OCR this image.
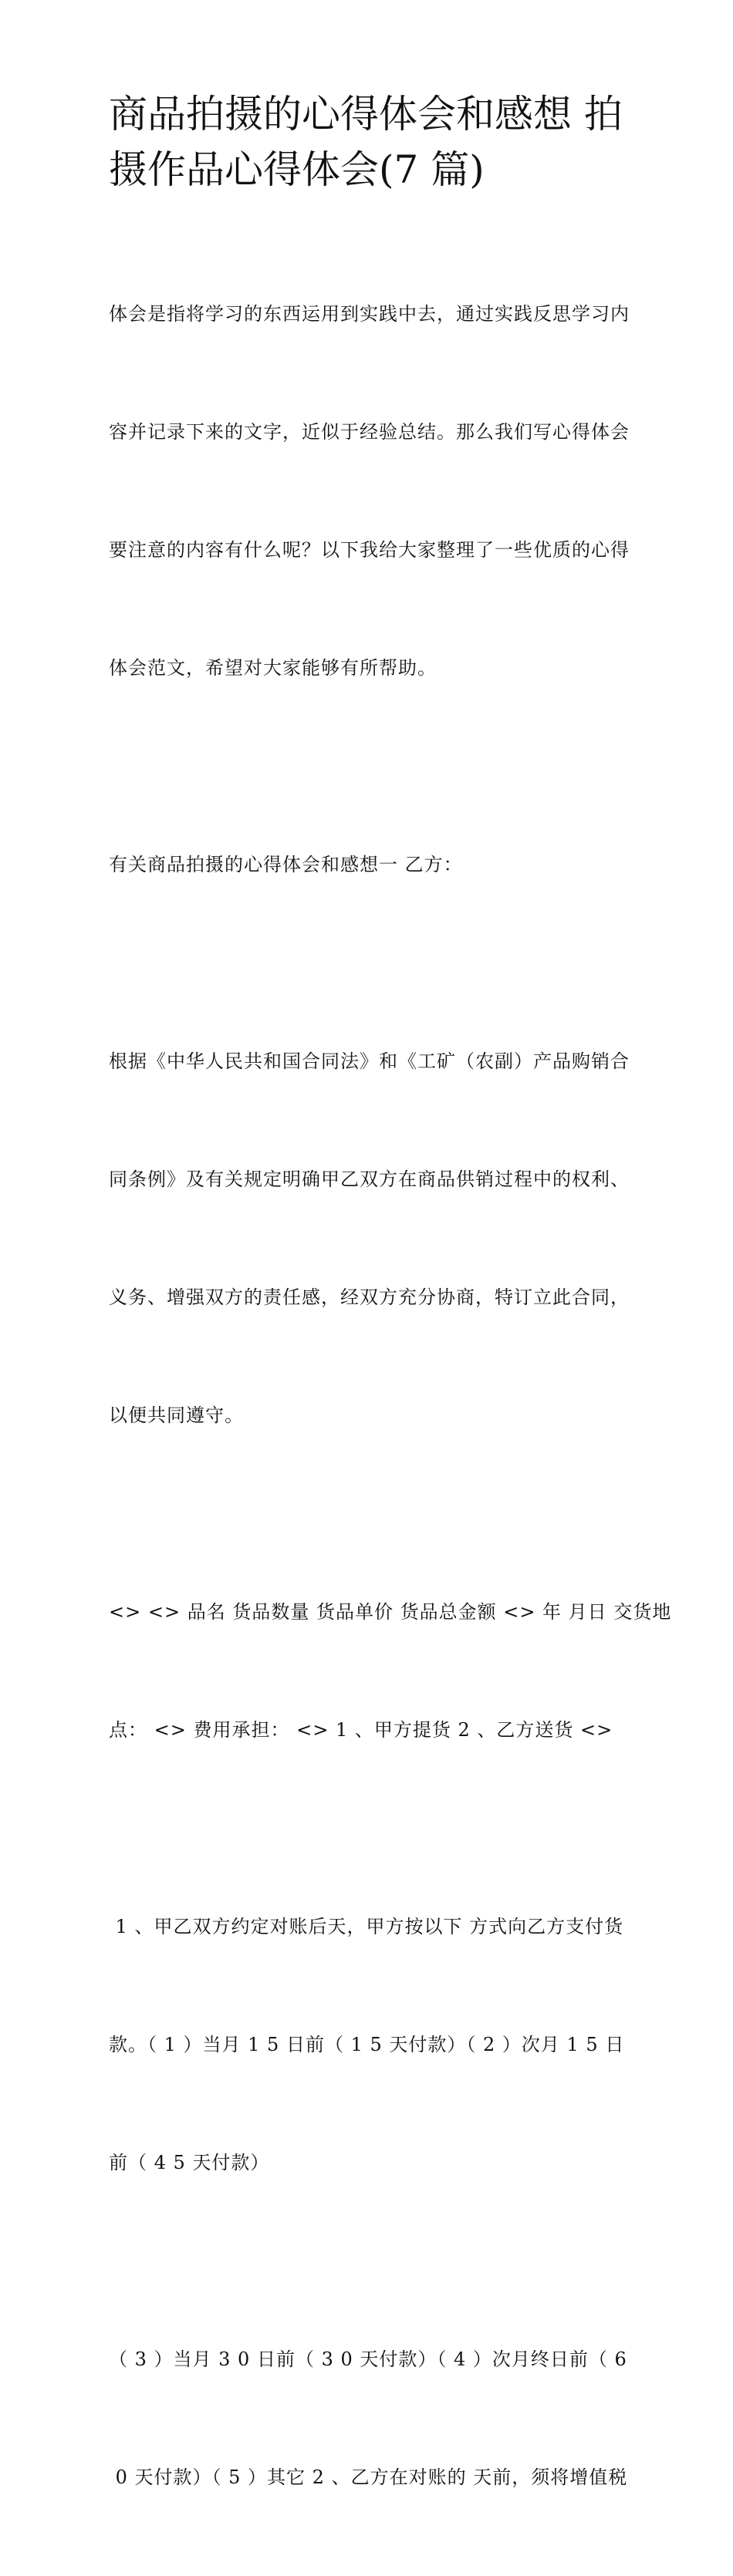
商品拍摄的心得体会和感想 拍
摄作品心得体会(7 篇)

体会是指将学习的东西运用到实践中去，通过实践反思学习内

容并记录下来的文字，近似于经验总结。那么我们写心得体会

要注意的内容有什么呢？以下我给大家整理了一些优质的心得

体会范文，希望对大家能够有所帮助。

有关商品拍摄的心得体会和感想一 乙方：

根据《中华人民共和国合同法》和《工矿（农副）产品购销合

同条例》及有关规定明确甲乙双方在商品供销过程中的权利、

义务、增强双方的责任感，经双方充分协商，特订立此合同，

以便共同遵守。

<> <> 品名 货品数量 货品单价 货品总金额 <> 年 月日 交货地

点： <> 费用承担： <> 1 、甲方提货 2 、乙方送货 <>

1 、甲乙双方约定对账后天，甲方按以下 方式向乙方支付货

款。（ 1 ）当月 1 5 日前（ 1 5 天付款）（ 2 ）次月 1 5 日

前（ 4 5 天付款）

（ 3 ）当月 3 0 日前（ 3 0 天付款）（ 4 ）次月终日前（ 6

0 天付款）（ 5 ）其它 2 、乙方在对账的 天前，须将增值税
